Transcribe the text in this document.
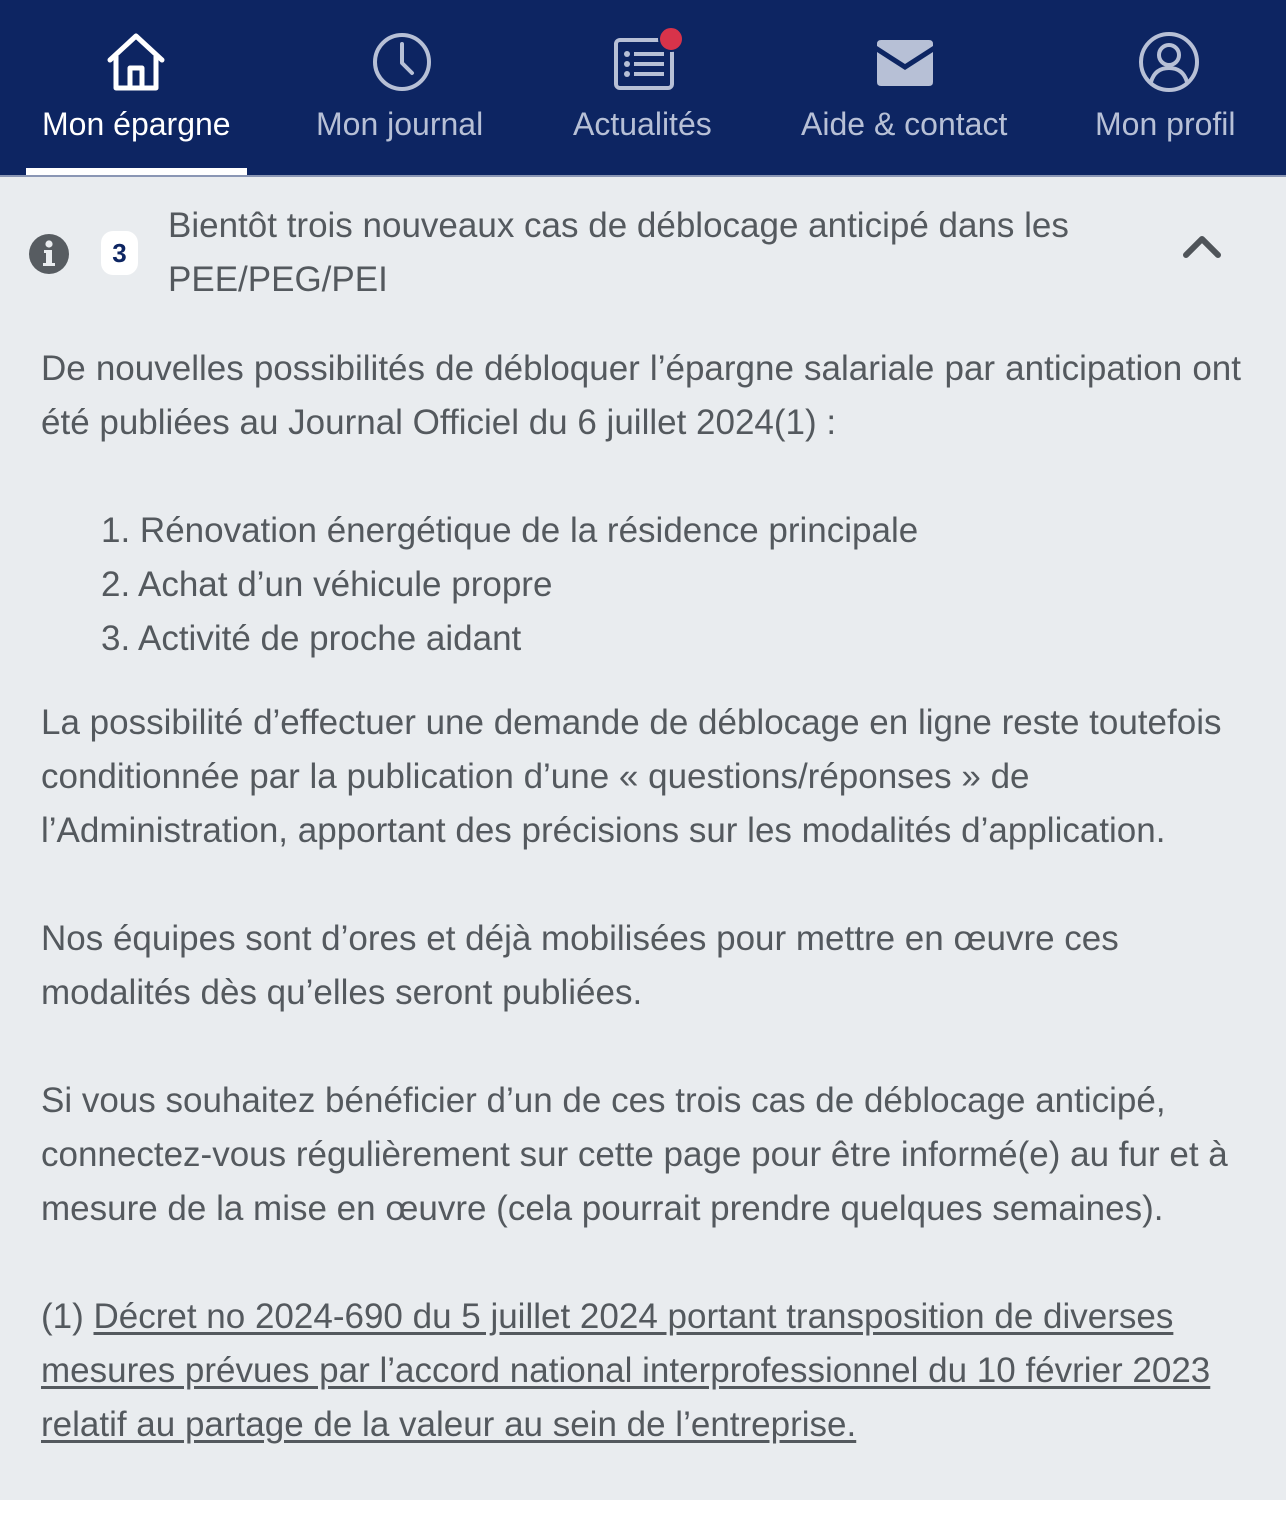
Mon épargne	Mon journal	Actualités	Aide & contact	Mon profil
3
Bientôt trois nouveaux cas de déblocage anticipé dans les PEE/PEG/PEI

De nouvelles possibilités de débloquer l’épargne salariale par anticipation ont été publiées au Journal Officiel du 6 juillet 2024(1) :

1. Rénovation énergétique de la résidence principale
2. Achat d’un véhicule propre
3. Activité de proche aidant

La possibilité d’effectuer une demande de déblocage en ligne reste toutefois conditionnée par la publication d’une « questions/réponses » de l’Administration, apportant des précisions sur les modalités d’application.

Nos équipes sont d’ores et déjà mobilisées pour mettre en œuvre ces modalités dès qu’elles seront publiées.

Si vous souhaitez bénéficier d’un de ces trois cas de déblocage anticipé, connectez-vous régulièrement sur cette page pour être informé(e) au fur et à mesure de la mise en œuvre (cela pourrait prendre quelques semaines).

(1) Décret no 2024-690 du 5 juillet 2024 portant transposition de diverses mesures prévues par l’accord national interprofessionnel du 10 février 2023 relatif au partage de la valeur au sein de l’entreprise.
